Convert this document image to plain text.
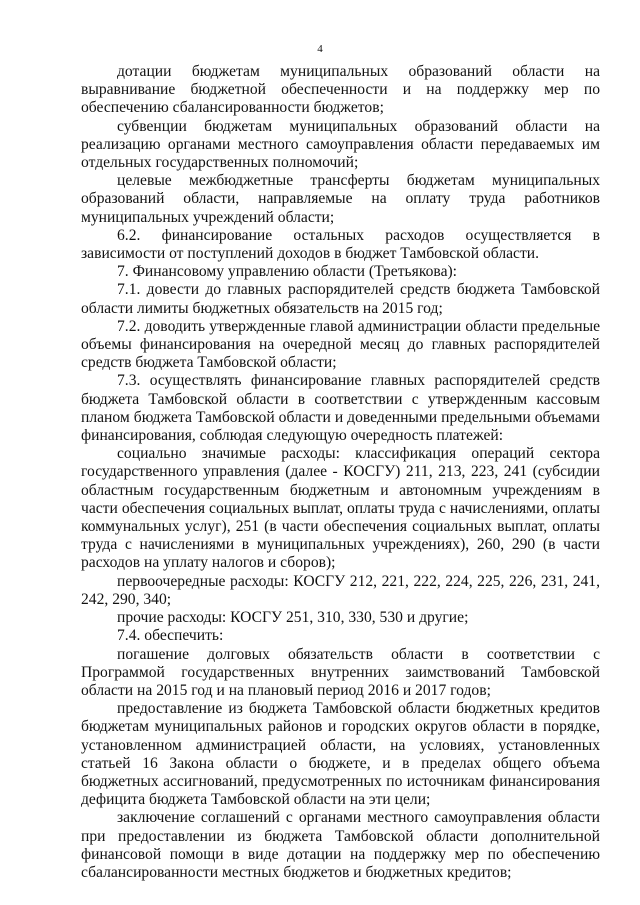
4

дотации бюджетам муниципальных образований области на выравнивание бюджетной обеспеченности и на поддержку мер по обеспечению сбалансированности бюджетов;

субвенции бюджетам муниципальных образований области на реализацию органами местного самоуправления области передаваемых им отдельных государственных полномочий;

целевые межбюджетные трансферты бюджетам муниципальных образований области, направляемые на оплату труда работников муниципальных учреждений области;

6.2. финансирование остальных расходов осуществляется в зависимости от поступлений доходов в бюджет Тамбовской области.

7. Финансовому управлению области (Третьякова):

7.1. довести до главных распорядителей средств бюджета Тамбовской области лимиты бюджетных обязательств на 2015 год;

7.2. доводить утвержденные главой администрации области предельные объемы финансирования на очередной месяц до главных распорядителей средств бюджета Тамбовской области;

7.3. осуществлять финансирование главных распорядителей средств бюджета Тамбовской области в соответствии с утвержденным кассовым планом бюджета Тамбовской области и доведенными предельными объемами финансирования, соблюдая следующую очередность платежей:

социально значимые расходы: классификация операций сектора государственного управления (далее - КОСГУ) 211, 213, 223, 241 (субсидии областным государственным бюджетным и автономным учреждениям в части обеспечения социальных выплат, оплаты труда с начислениями, оплаты коммунальных услуг), 251 (в части обеспечения социальных выплат, оплаты труда с начислениями в муниципальных учреждениях), 260, 290 (в части расходов на уплату налогов и сборов);

первоочередные расходы: КОСГУ 212, 221, 222, 224, 225, 226, 231, 241, 242, 290, 340;

прочие расходы: КОСГУ 251, 310, 330, 530 и другие;

7.4. обеспечить:

погашение долговых обязательств области в соответствии с Программой государственных внутренних заимствований Тамбовской области на 2015 год и на плановый период 2016 и 2017 годов;

предоставление из бюджета Тамбовской области бюджетных кредитов бюджетам муниципальных районов и городских округов области в порядке, установленном администрацией области, на условиях, установленных статьей 16 Закона области о бюджете, и в пределах общего объема бюджетных ассигнований, предусмотренных по источникам финансирования дефицита бюджета Тамбовской области на эти цели;

заключение соглашений с органами местного самоуправления области при предоставлении из бюджета Тамбовской области дополнительной финансовой помощи в виде дотации на поддержку мер по обеспечению сбалансированности местных бюджетов и бюджетных кредитов;
